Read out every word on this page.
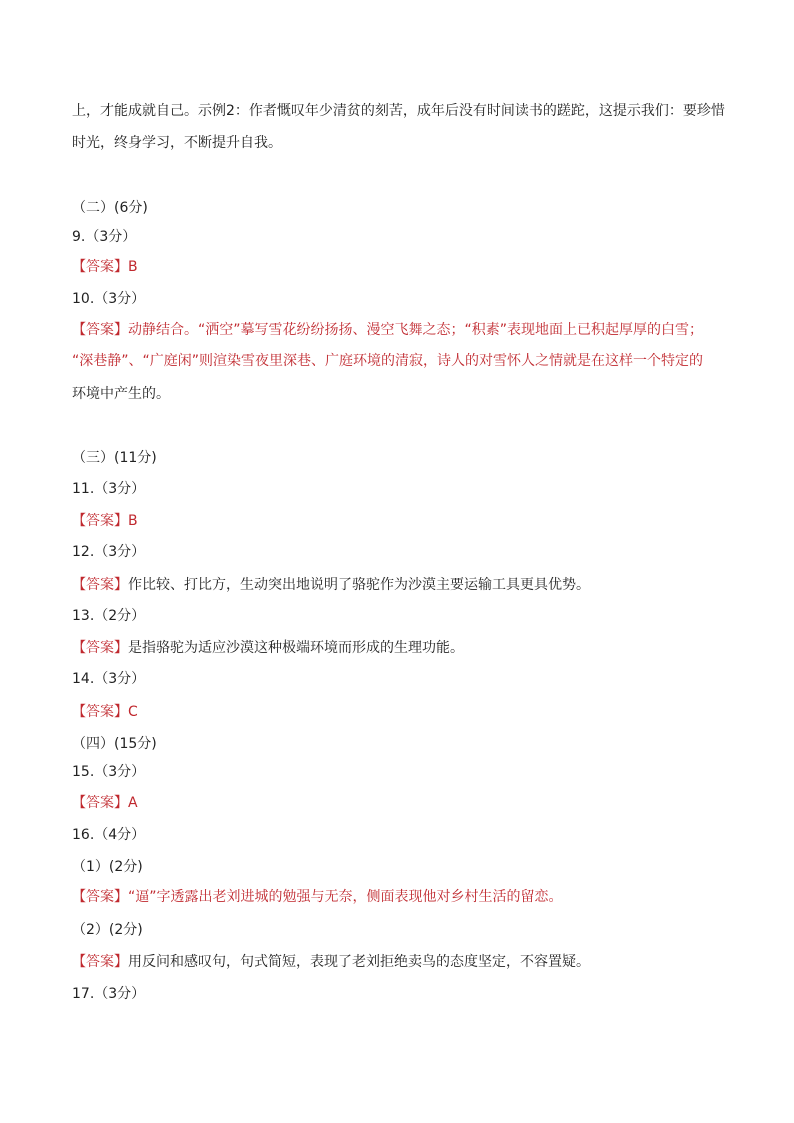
上，才能成就自己。示例2：作者慨叹年少清贫的刻苦，成年后没有时间读书的蹉跎，这提示我们：要珍惜
时光，终身学习，不断提升自我。
（二）(6分)
9.（3分）
【答案】B
10.（3分）
【答案】动静结合。“洒空”摹写雪花纷纷扬扬、漫空飞舞之态；“积素”表现地面上已积起厚厚的白雪；
“深巷静”、“广庭闲”则渲染雪夜里深巷、广庭环境的清寂，诗人的对雪怀人之情就是在这样一个特定的
环境中产生的。
（三）(11分)
11.（3分）
【答案】B
12.（3分）
【答案】作比较、打比方，生动突出地说明了骆驼作为沙漠主要运输工具更具优势。
13.（2分）
【答案】是指骆驼为适应沙漠这种极端环境而形成的生理功能。
14.（3分）
【答案】C
（四）(15分)
15.（3分）
【答案】A
16.（4分）
（1）(2分)
【答案】“逼”字透露出老刘进城的勉强与无奈，侧面表现他对乡村生活的留恋。
（2）(2分)
【答案】用反问和感叹句，句式简短，表现了老刘拒绝卖鸟的态度坚定，不容置疑。
17.（3分）
